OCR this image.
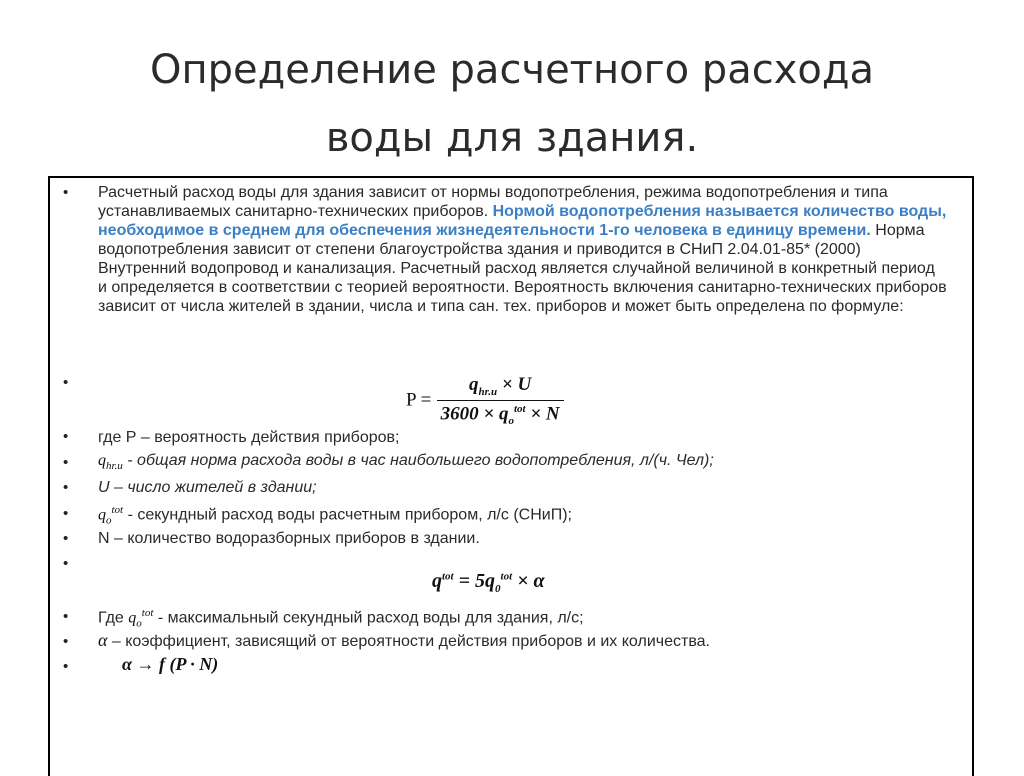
Определение расчетного расхода
воды для здания.
•	Расчетный расход воды для здания зависит от нормы водопотребления, режима водопотребления и типа устанавливаемых санитарно-технических приборов. Нормой водопотребления называется количество воды, необходимое в среднем для обеспечения жизнедеятельности 1-го человека в единицу времени. Норма водопотребления зависит от степени благоустройства здания и приводится в СНиП 2.04.01-85* (2000) Внутренний водопровод и канализация. Расчетный расход является случайной величиной в конкретный период и определяется в соответствии с теорией вероятности. Вероятность включения санитарно-технических приборов зависит от числа жителей в здании, числа и типа сан. тех. приборов и может быть определена по формуле:
•
$P = \frac{q_{hr.u} \times U}{3600 \times q_o^{tot} \times N}$
•	где Р – вероятность действия приборов;
•	$q_{hr.u}$ - общая норма расхода воды в час наибольшего водопотребления, л/(ч. Чел);
•	U – число жителей в здании;
•	$q_o^{tot}$ - секундный расход воды расчетным прибором, л/с (СНиП);
•	N – количество водоразборных приборов в здании.
•
$q^{tot} = 5q_0^{tot} \times \alpha$
•	Где $q_o^{tot}$ - максимальный секундный расход воды для здания, л/с;
•	α – коэффициент, зависящий от вероятности действия приборов и их количества.
•	α → f (P · N)
